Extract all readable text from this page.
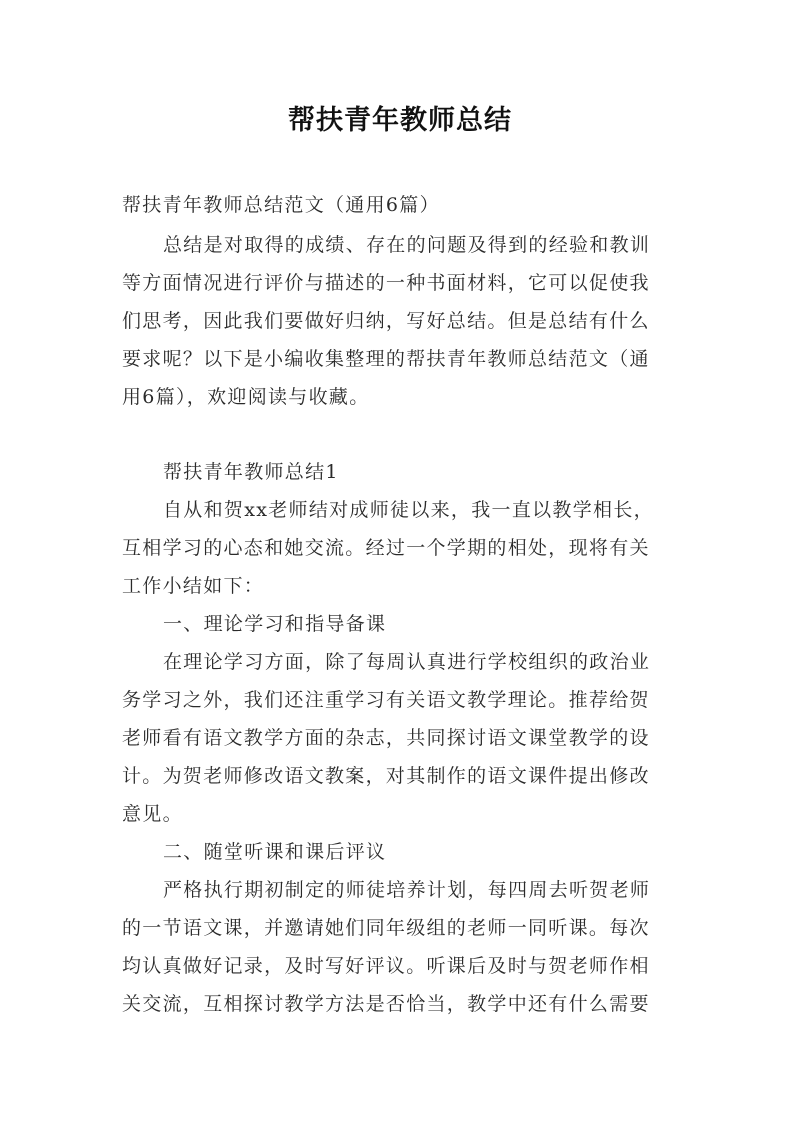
帮扶青年教师总结
帮扶青年教师总结范文（通用6篇）
总结是对取得的成绩、存在的问题及得到的经验和教训
等方面情况进行评价与描述的一种书面材料，它可以促使我
们思考，因此我们要做好归纳，写好总结。但是总结有什么
要求呢？以下是小编收集整理的帮扶青年教师总结范文（通
用6篇），欢迎阅读与收藏。
帮扶青年教师总结1
自从和贺xx老师结对成师徒以来，我一直以教学相长，
互相学习的心态和她交流。经过一个学期的相处，现将有关
工作小结如下：
一、理论学习和指导备课
在理论学习方面，除了每周认真进行学校组织的政治业
务学习之外，我们还注重学习有关语文教学理论。推荐给贺
老师看有语文教学方面的杂志，共同探讨语文课堂教学的设
计。为贺老师修改语文教案，对其制作的语文课件提出修改
意见。
二、随堂听课和课后评议
严格执行期初制定的师徒培养计划，每四周去听贺老师
的一节语文课，并邀请她们同年级组的老师一同听课。每次
均认真做好记录，及时写好评议。听课后及时与贺老师作相
关交流，互相探讨教学方法是否恰当，教学中还有什么需要
